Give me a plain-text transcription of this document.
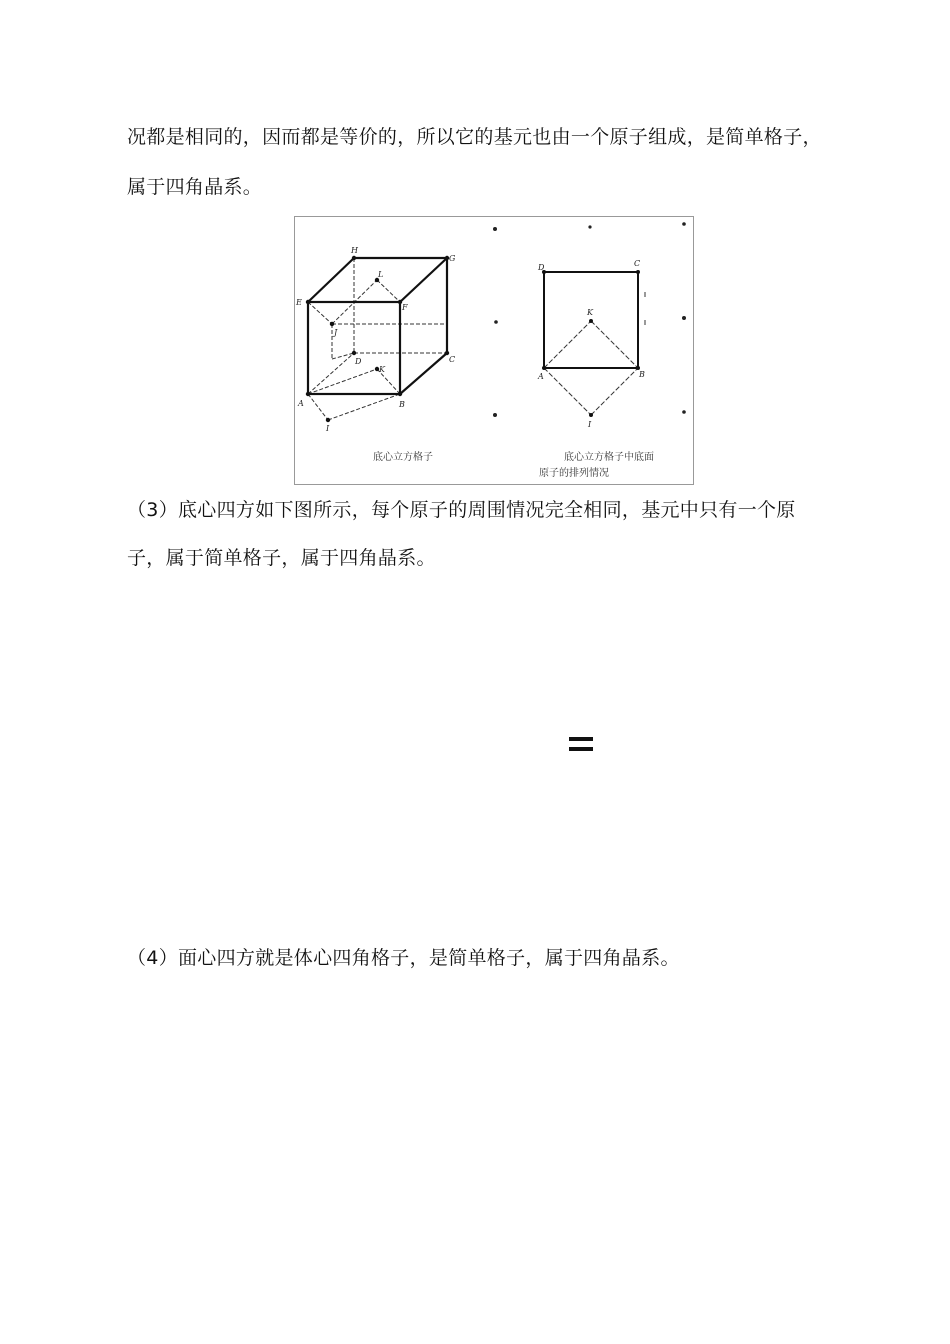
况都是相同的，因而都是等价的，所以它的基元也由一个原子组成，是简单格子，
属于四角晶系。
H
G
E
F
L
J
D
K
C
A	B
I
D	C
K
A	B
I
底心立方格子	底心立方格子中底面
原子的排列情况
（3）底心四方如下图所示，每个原子的周围情况完全相同，基元中只有一个原
子，属于简单格子，属于四角晶系。
（4）面心四方就是体心四角格子，是简单格子，属于四角晶系。
